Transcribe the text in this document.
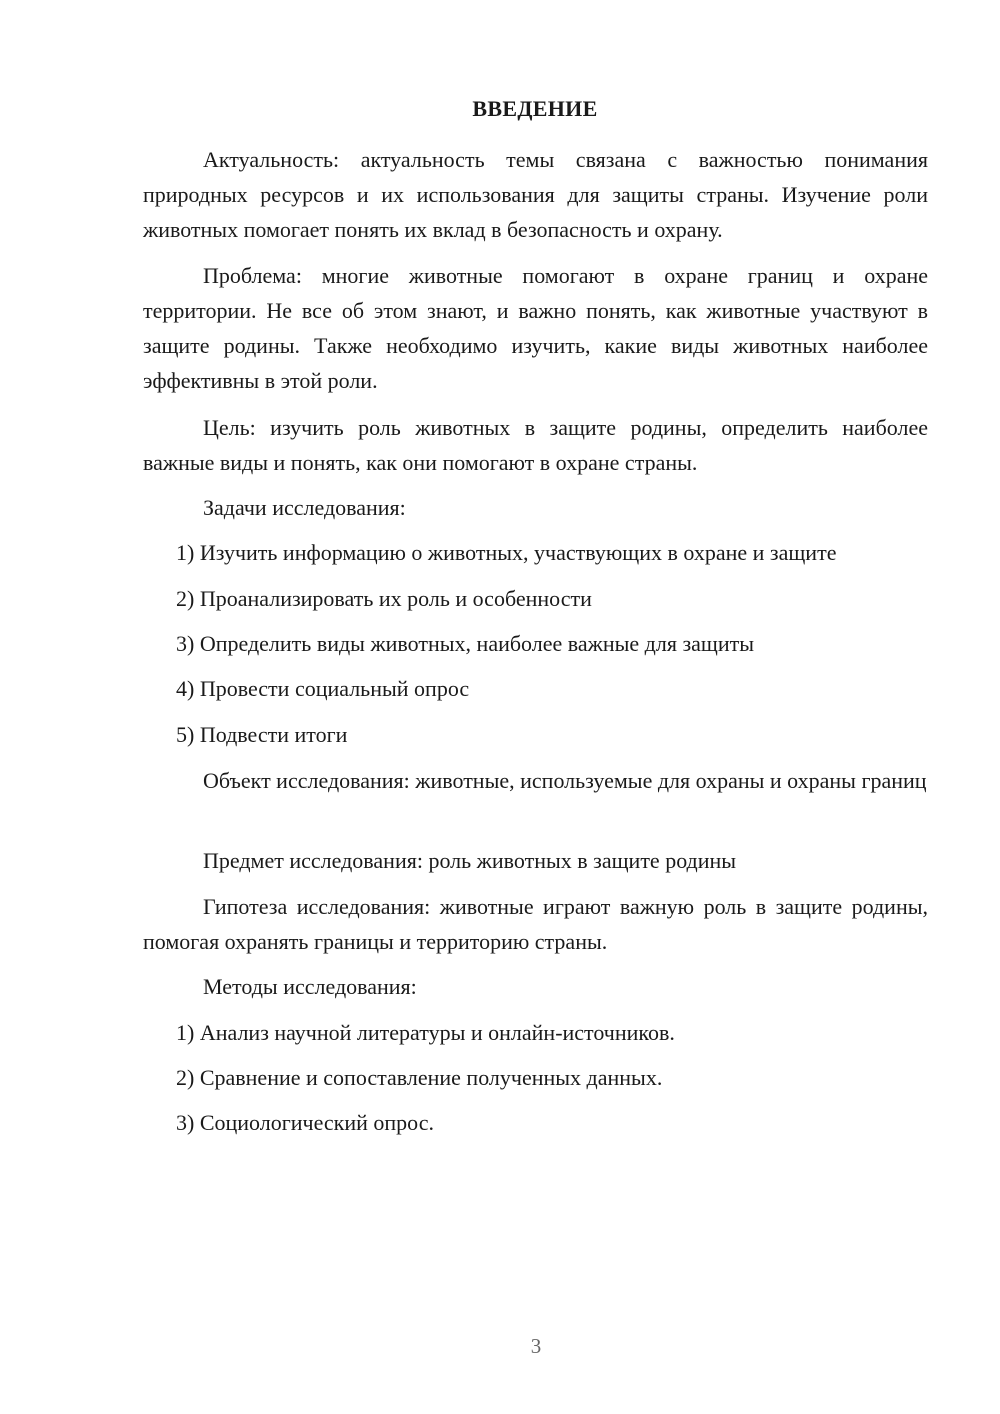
ВВЕДЕНИЕ

Актуальность: актуальность темы связана с важностью понимания природных ресурсов и их использования для защиты страны. Изучение роли животных помогает понять их вклад в безопасность и охрану.

Проблема: многие животные помогают в охране границ и охране территории. Не все об этом знают, и важно понять, как животные участвуют в защите родины. Также необходимо изучить, какие виды животных наиболее эффективны в этой роли.

Цель: изучить роль животных в защите родины, определить наиболее важные виды и понять, как они помогают в охране страны.

Задачи исследования:

1) Изучить информацию о животных, участвующих в охране и защите

2) Проанализировать их роль и особенности

3) Определить виды животных, наиболее важные для защиты

4) Провести социальный опрос

5) Подвести итоги

Объект исследования: животные, используемые для охраны и охраны границ

Предмет исследования: роль животных в защите родины

Гипотеза исследования: животные играют важную роль в защите родины, помогая охранять границы и территорию страны.

Методы исследования:

1) Анализ научной литературы и онлайн-источников.

2) Сравнение и сопоставление полученных данных.

3) Социологический опрос.

3
